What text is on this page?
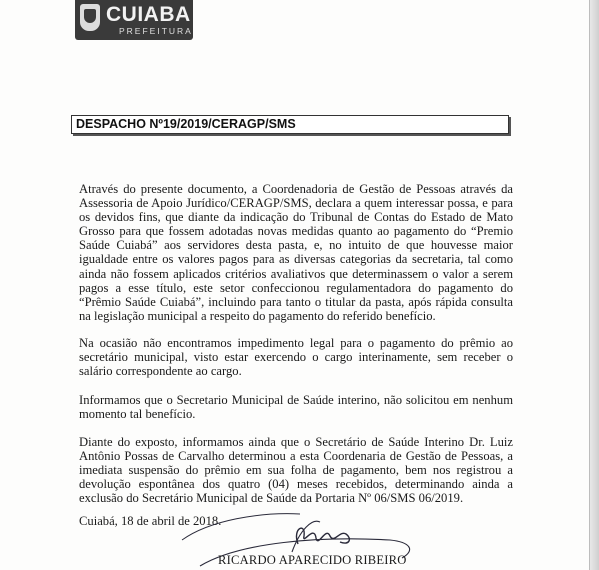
CUIABA
PREFEITURA
DESPACHO Nº19/2019/CERAGP/SMS

Através do presente documento, a Coordenadoria de Gestão de Pessoas através da Assessoria de Apoio Jurídico/CERAGP/SMS, declara a quem interessar possa, e para os devidos fins, que diante da indicação do Tribunal de Contas do Estado de Mato Grosso para que fossem adotadas novas medidas quanto ao pagamento do “Premio Saúde Cuiabá” aos servidores desta pasta, e, no intuito de que houvesse maior igualdade entre os valores pagos para as diversas categorias da secretaria, tal como ainda não fossem aplicados critérios avaliativos que determinassem o valor a serem pagos a esse título, este setor confeccionou regulamentadora do pagamento do “Prêmio Saúde Cuiabá”, incluindo para tanto o titular da pasta, após rápida consulta na legislação municipal a respeito do pagamento do referido benefício.

Na ocasião não encontramos impedimento legal para o pagamento do prêmio ao secretário municipal, visto estar exercendo o cargo interinamente, sem receber o salário correspondente ao cargo.

Informamos que o Secretario Municipal de Saúde interino, não solicitou em nenhum momento tal benefício.

Diante do exposto, informamos ainda que o Secretário de Saúde Interino Dr. Luiz Antônio Possas de Carvalho determinou a esta Coordenaria de Gestão de Pessoas, a imediata suspensão do prêmio em sua folha de pagamento, bem nos registrou a devolução espontânea dos quatro (04) meses recebidos, determinando ainda a exclusão do Secretário Municipal de Saúde da Portaria Nº 06/SMS 06/2019.

Cuiabá, 18 de abril de 2018.
RICARDO APARECIDO RIBEIRO
